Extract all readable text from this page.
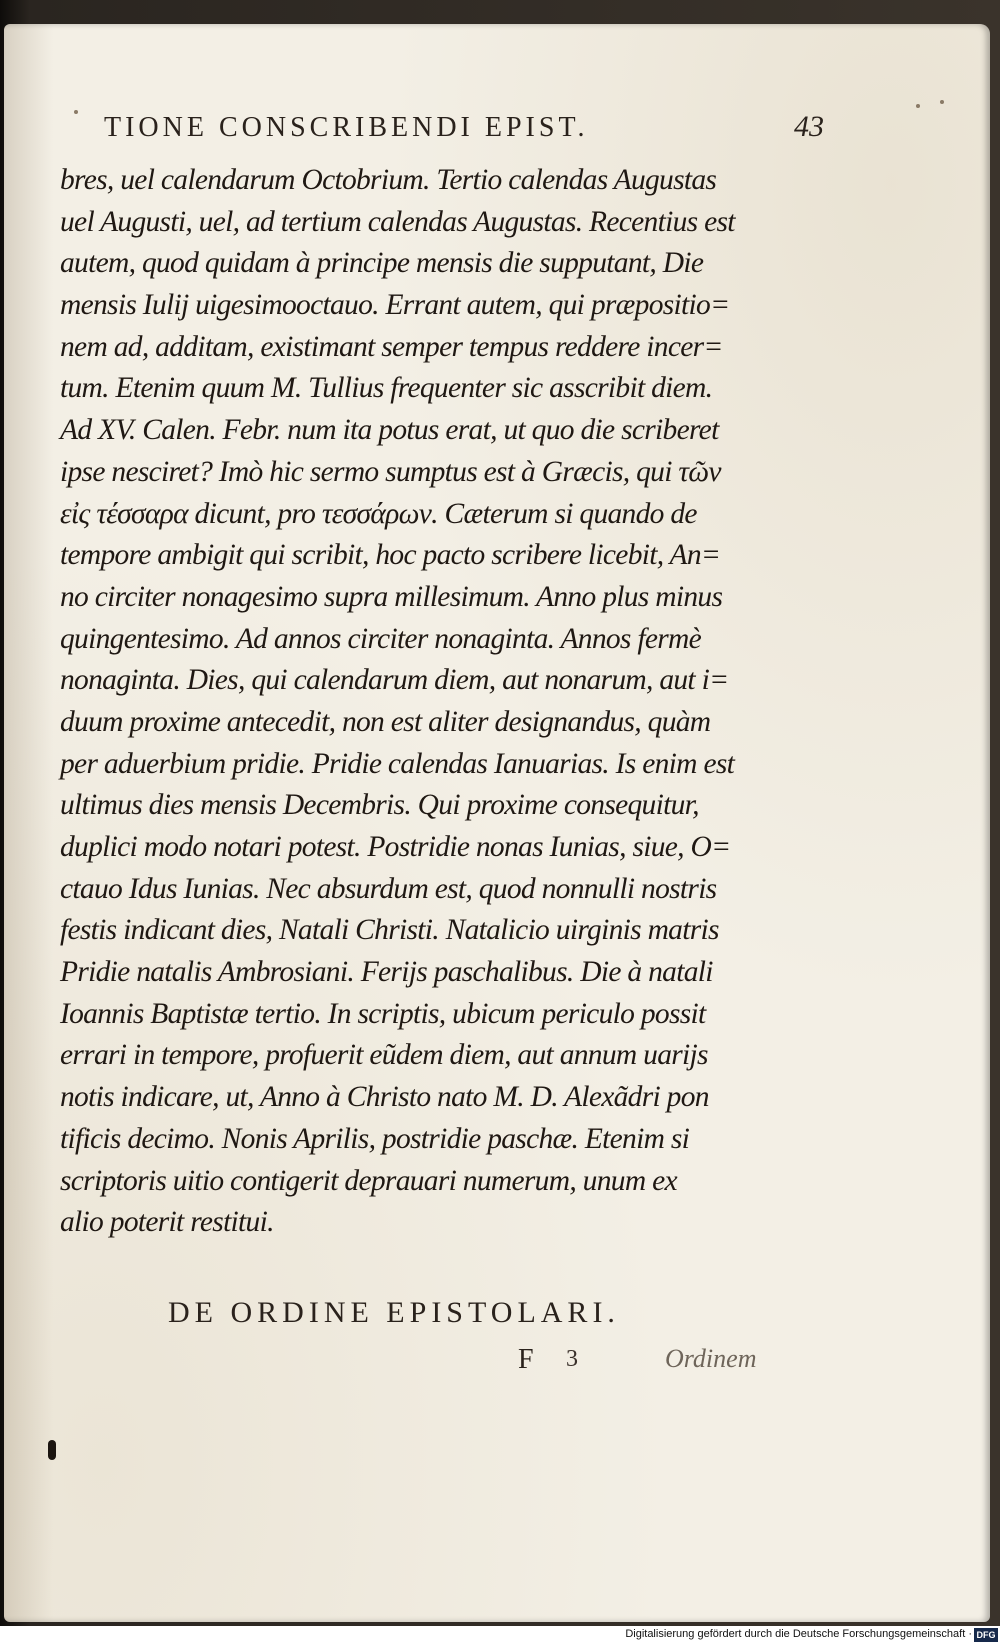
TIONE CONSCRIBENDI EPIST.	43
bres, uel calendarum Octobrium. Tertio calendas Augustas
uel Augusti, uel, ad tertium calendas Augustas. Recentius est
autem, quod quidam à principe mensis die supputant, Die
mensis Iulij uigesimooctauo. Errant autem, qui præpositio=
nem ad, additam, existimant semper tempus reddere incer=
tum. Etenim quum M. Tullius frequenter sic asscribit diem.
Ad XV. Calen. Febr. num ita potus erat, ut quo die scriberet
ipse nesciret? Imò hic sermo sumptus est à Græcis, qui τῶν
εἰς τέσσαρα dicunt, pro τεσσάρων. Cæterum si quando de
tempore ambigit qui scribit, hoc pacto scribere licebit, An=
no circiter nonagesimo supra millesimum. Anno plus minus
quingentesimo. Ad annos circiter nonaginta. Annos fermè
nonaginta. Dies, qui calendarum diem, aut nonarum, aut i=
duum proxime antecedit, non est aliter designandus, quàm
per aduerbium pridie. Pridie calendas Ianuarias. Is enim est
ultimus dies mensis Decembris. Qui proxime consequitur,
duplici modo notari potest. Postridie nonas Iunias, siue, O=
ctauo Idus Iunias. Nec absurdum est, quod nonnulli nostris
festis indicant dies, Natali Christi. Natalicio uirginis matris
Pridie natalis Ambrosiani. Ferijs paschalibus. Die à natali
Ioannis Baptistæ tertio. In scriptis, ubicum periculo possit
errari in tempore, profuerit eũdem diem, aut annum uarijs
notis indicare, ut, Anno à Christo nato M. D. Alexãdri pon
tificis decimo. Nonis Aprilis, postridie paschæ. Etenim si
scriptoris uitio contigerit deprauari numerum, unum ex
alio poterit restitui.
DE ORDINE EPISTOLARI.
F 3	Ordinem
Digitalisierung gefördert durch die Deutsche Forschungsgemeinschaft · DFG
